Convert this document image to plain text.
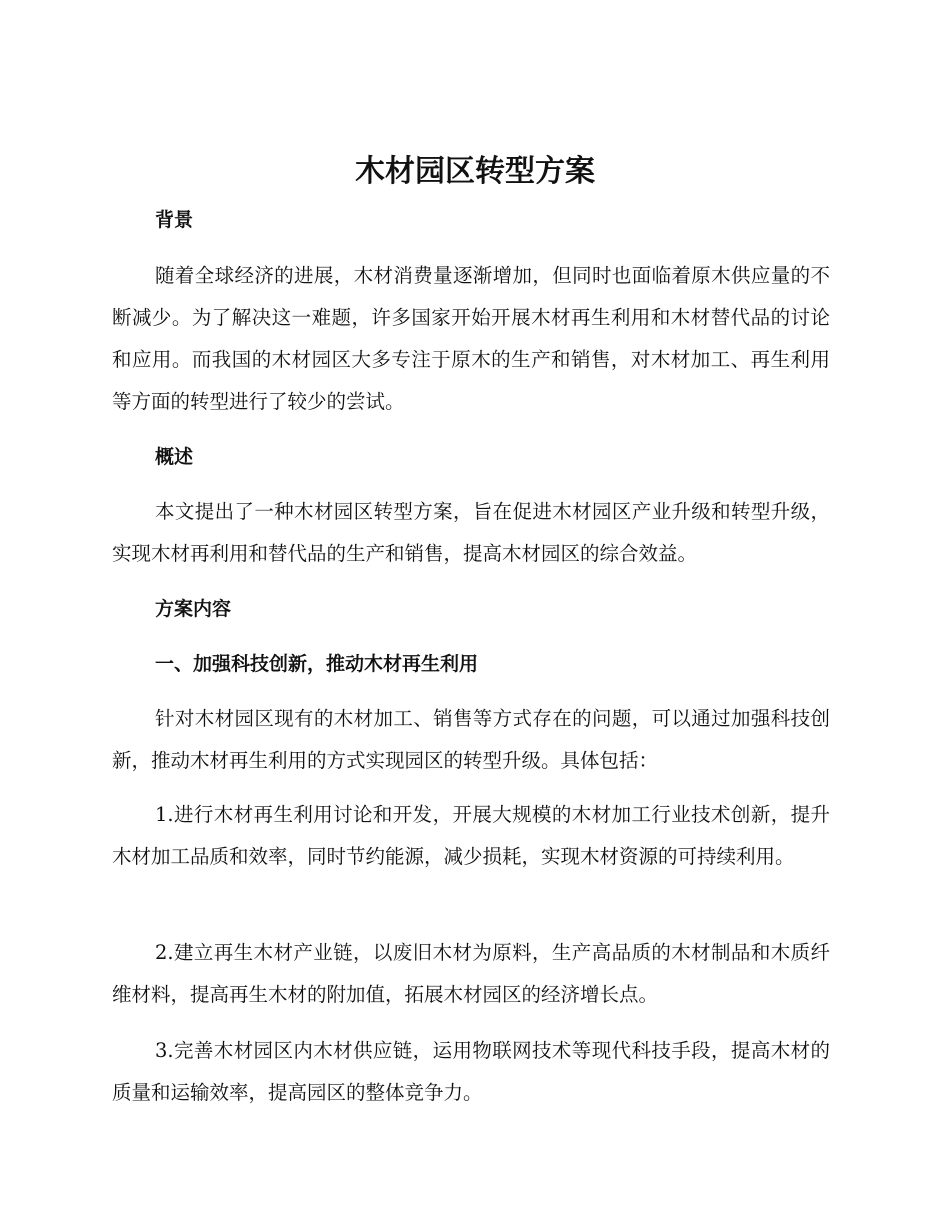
木材园区转型方案
背景

随着全球经济的进展，木材消费量逐渐增加，但同时也面临着原木供应量的不断减少。为了解决这一难题，许多国家开始开展木材再生利用和木材替代品的讨论和应用。而我国的木材园区大多专注于原木的生产和销售，对木材加工、再生利用等方面的转型进行了较少的尝试。

概述

本文提出了一种木材园区转型方案，旨在促进木材园区产业升级和转型升级，实现木材再利用和替代品的生产和销售，提高木材园区的综合效益。

方案内容
一、加强科技创新，推动木材再生利用

针对木材园区现有的木材加工、销售等方式存在的问题，可以通过加强科技创新，推动木材再生利用的方式实现园区的转型升级。具体包括：

1.进行木材再生利用讨论和开发，开展大规模的木材加工行业技术创新，提升木材加工品质和效率，同时节约能源，减少损耗，实现木材资源的可持续利用。

2.建立再生木材产业链，以废旧木材为原料，生产高品质的木材制品和木质纤维材料，提高再生木材的附加值，拓展木材园区的经济增长点。

3.完善木材园区内木材供应链，运用物联网技术等现代科技手段，提高木材的质量和运输效率，提高园区的整体竞争力。
